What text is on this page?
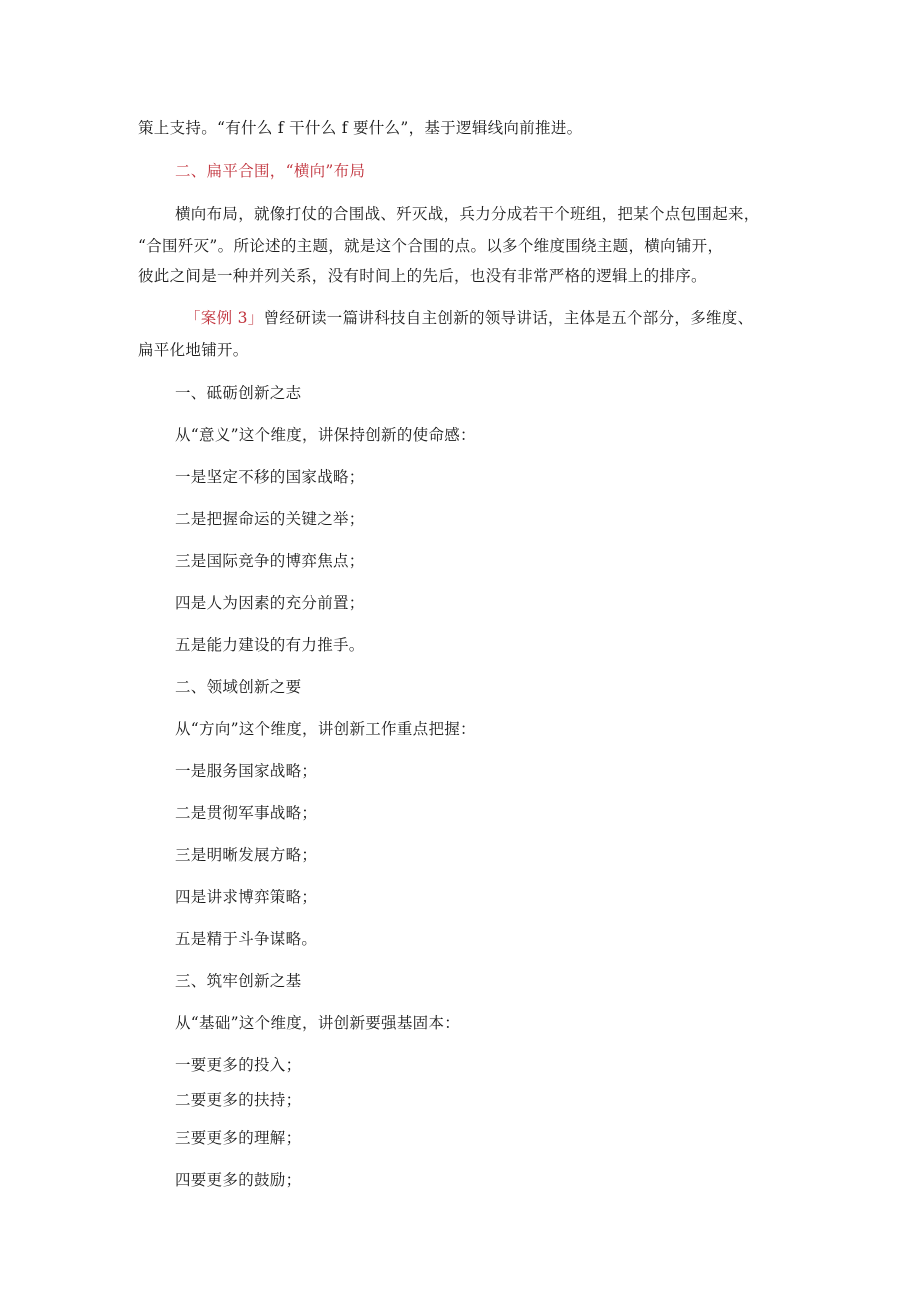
策上支持。“有什么 f 干什么 f 要什么”，基于逻辑线向前推进。
二、扁平合围，“横向”布局
横向布局，就像打仗的合围战、歼灭战，兵力分成若干个班组，把某个点包围起来，
“合围歼灭”。所论述的主题，就是这个合围的点。以多个维度围绕主题，横向铺开，
彼此之间是一种并列关系，没有时间上的先后，也没有非常严格的逻辑上的排序。
「案例 3」曾经研读一篇讲科技自主创新的领导讲话，主体是五个部分，多维度、
扁平化地铺开。
一、砥砺创新之志
从“意义”这个维度，讲保持创新的使命感：
一是坚定不移的国家战略；
二是把握命运的关键之举；
三是国际竞争的博弈焦点；
四是人为因素的充分前置；
五是能力建设的有力推手。
二、领域创新之要
从“方向”这个维度，讲创新工作重点把握：
一是服务国家战略；
二是贯彻军事战略；
三是明晰发展方略；
四是讲求博弈策略；
五是精于斗争谋略。
三、筑牢创新之基
从“基础”这个维度，讲创新要强基固本：
一要更多的投入；
二要更多的扶持；
三要更多的理解；
四要更多的鼓励；
